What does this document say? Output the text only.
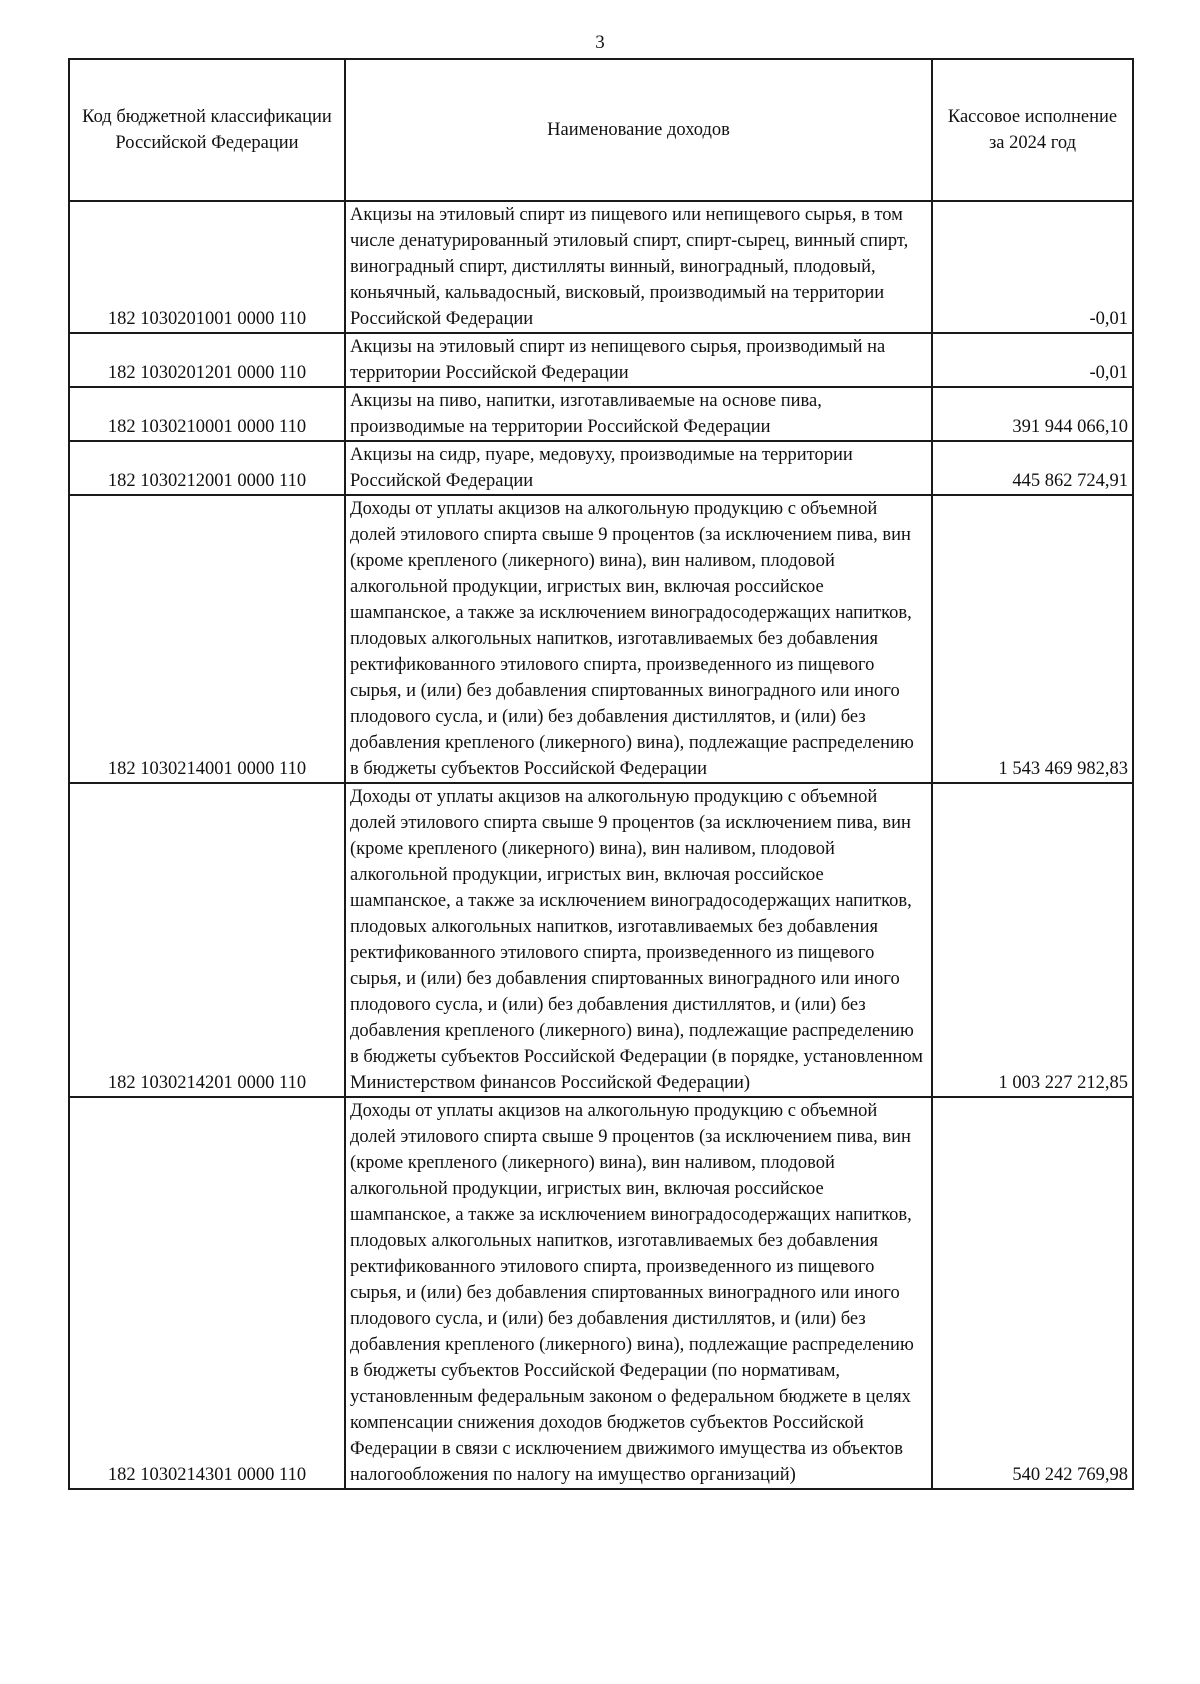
3
Код бюджетной классификации Российской Федерации	Наименование доходов	Кассовое исполнение за 2024 год
182 1030201001 0000 110	Акцизы на этиловый спирт из пищевого или непищевого сырья, в том числе денатурированный этиловый спирт, спирт-сырец, винный спирт, виноградный спирт, дистилляты винный, виноградный, плодовый, коньячный, кальвадосный, висковый, производимый на территории Российской Федерации	-0,01
182 1030201201 0000 110	Акцизы на этиловый спирт из непищевого сырья, производимый на территории Российской Федерации	-0,01
182 1030210001 0000 110	Акцизы на пиво, напитки, изготавливаемые на основе пива, производимые на территории Российской Федерации	391 944 066,10
182 1030212001 0000 110	Акцизы на сидр, пуаре, медовуху, производимые на территории Российской Федерации	445 862 724,91
182 1030214001 0000 110	Доходы от уплаты акцизов на алкогольную продукцию с объемной долей этилового спирта свыше 9 процентов (за исключением пива, вин (кроме крепленого (ликерного) вина), вин наливом, плодовой алкогольной продукции, игристых вин, включая российское шампанское, а также за исключением виноградосодержащих напитков, плодовых алкогольных напитков, изготавливаемых без добавления ректификованного этилового спирта, произведенного из пищевого сырья, и (или) без добавления спиртованных виноградного или иного плодового сусла, и (или) без добавления дистиллятов, и (или) без добавления крепленого (ликерного) вина), подлежащие распределению в бюджеты субъектов Российской Федерации	1 543 469 982,83
182 1030214201 0000 110	Доходы от уплаты акцизов на алкогольную продукцию с объемной долей этилового спирта свыше 9 процентов (за исключением пива, вин (кроме крепленого (ликерного) вина), вин наливом, плодовой алкогольной продукции, игристых вин, включая российское шампанское, а также за исключением виноградосодержащих напитков, плодовых алкогольных напитков, изготавливаемых без добавления ректификованного этилового спирта, произведенного из пищевого сырья, и (или) без добавления спиртованных виноградного или иного плодового сусла, и (или) без добавления дистиллятов, и (или) без добавления крепленого (ликерного) вина), подлежащие распределению в бюджеты субъектов Российской Федерации (в порядке, установленном Министерством финансов Российской Федерации)	1 003 227 212,85
182 1030214301 0000 110	Доходы от уплаты акцизов на алкогольную продукцию с объемной долей этилового спирта свыше 9 процентов (за исключением пива, вин (кроме крепленого (ликерного) вина), вин наливом, плодовой алкогольной продукции, игристых вин, включая российское шампанское, а также за исключением виноградосодержащих напитков, плодовых алкогольных напитков, изготавливаемых без добавления ректификованного этилового спирта, произведенного из пищевого сырья, и (или) без добавления спиртованных виноградного или иного плодового сусла, и (или) без добавления дистиллятов, и (или) без добавления крепленого (ликерного) вина), подлежащие распределению в бюджеты субъектов Российской Федерации (по нормативам, установленным федеральным законом о федеральном бюджете в целях компенсации снижения доходов бюджетов субъектов Российской Федерации в связи с исключением движимого имущества из объектов налогообложения по налогу на имущество организаций)	540 242 769,98
